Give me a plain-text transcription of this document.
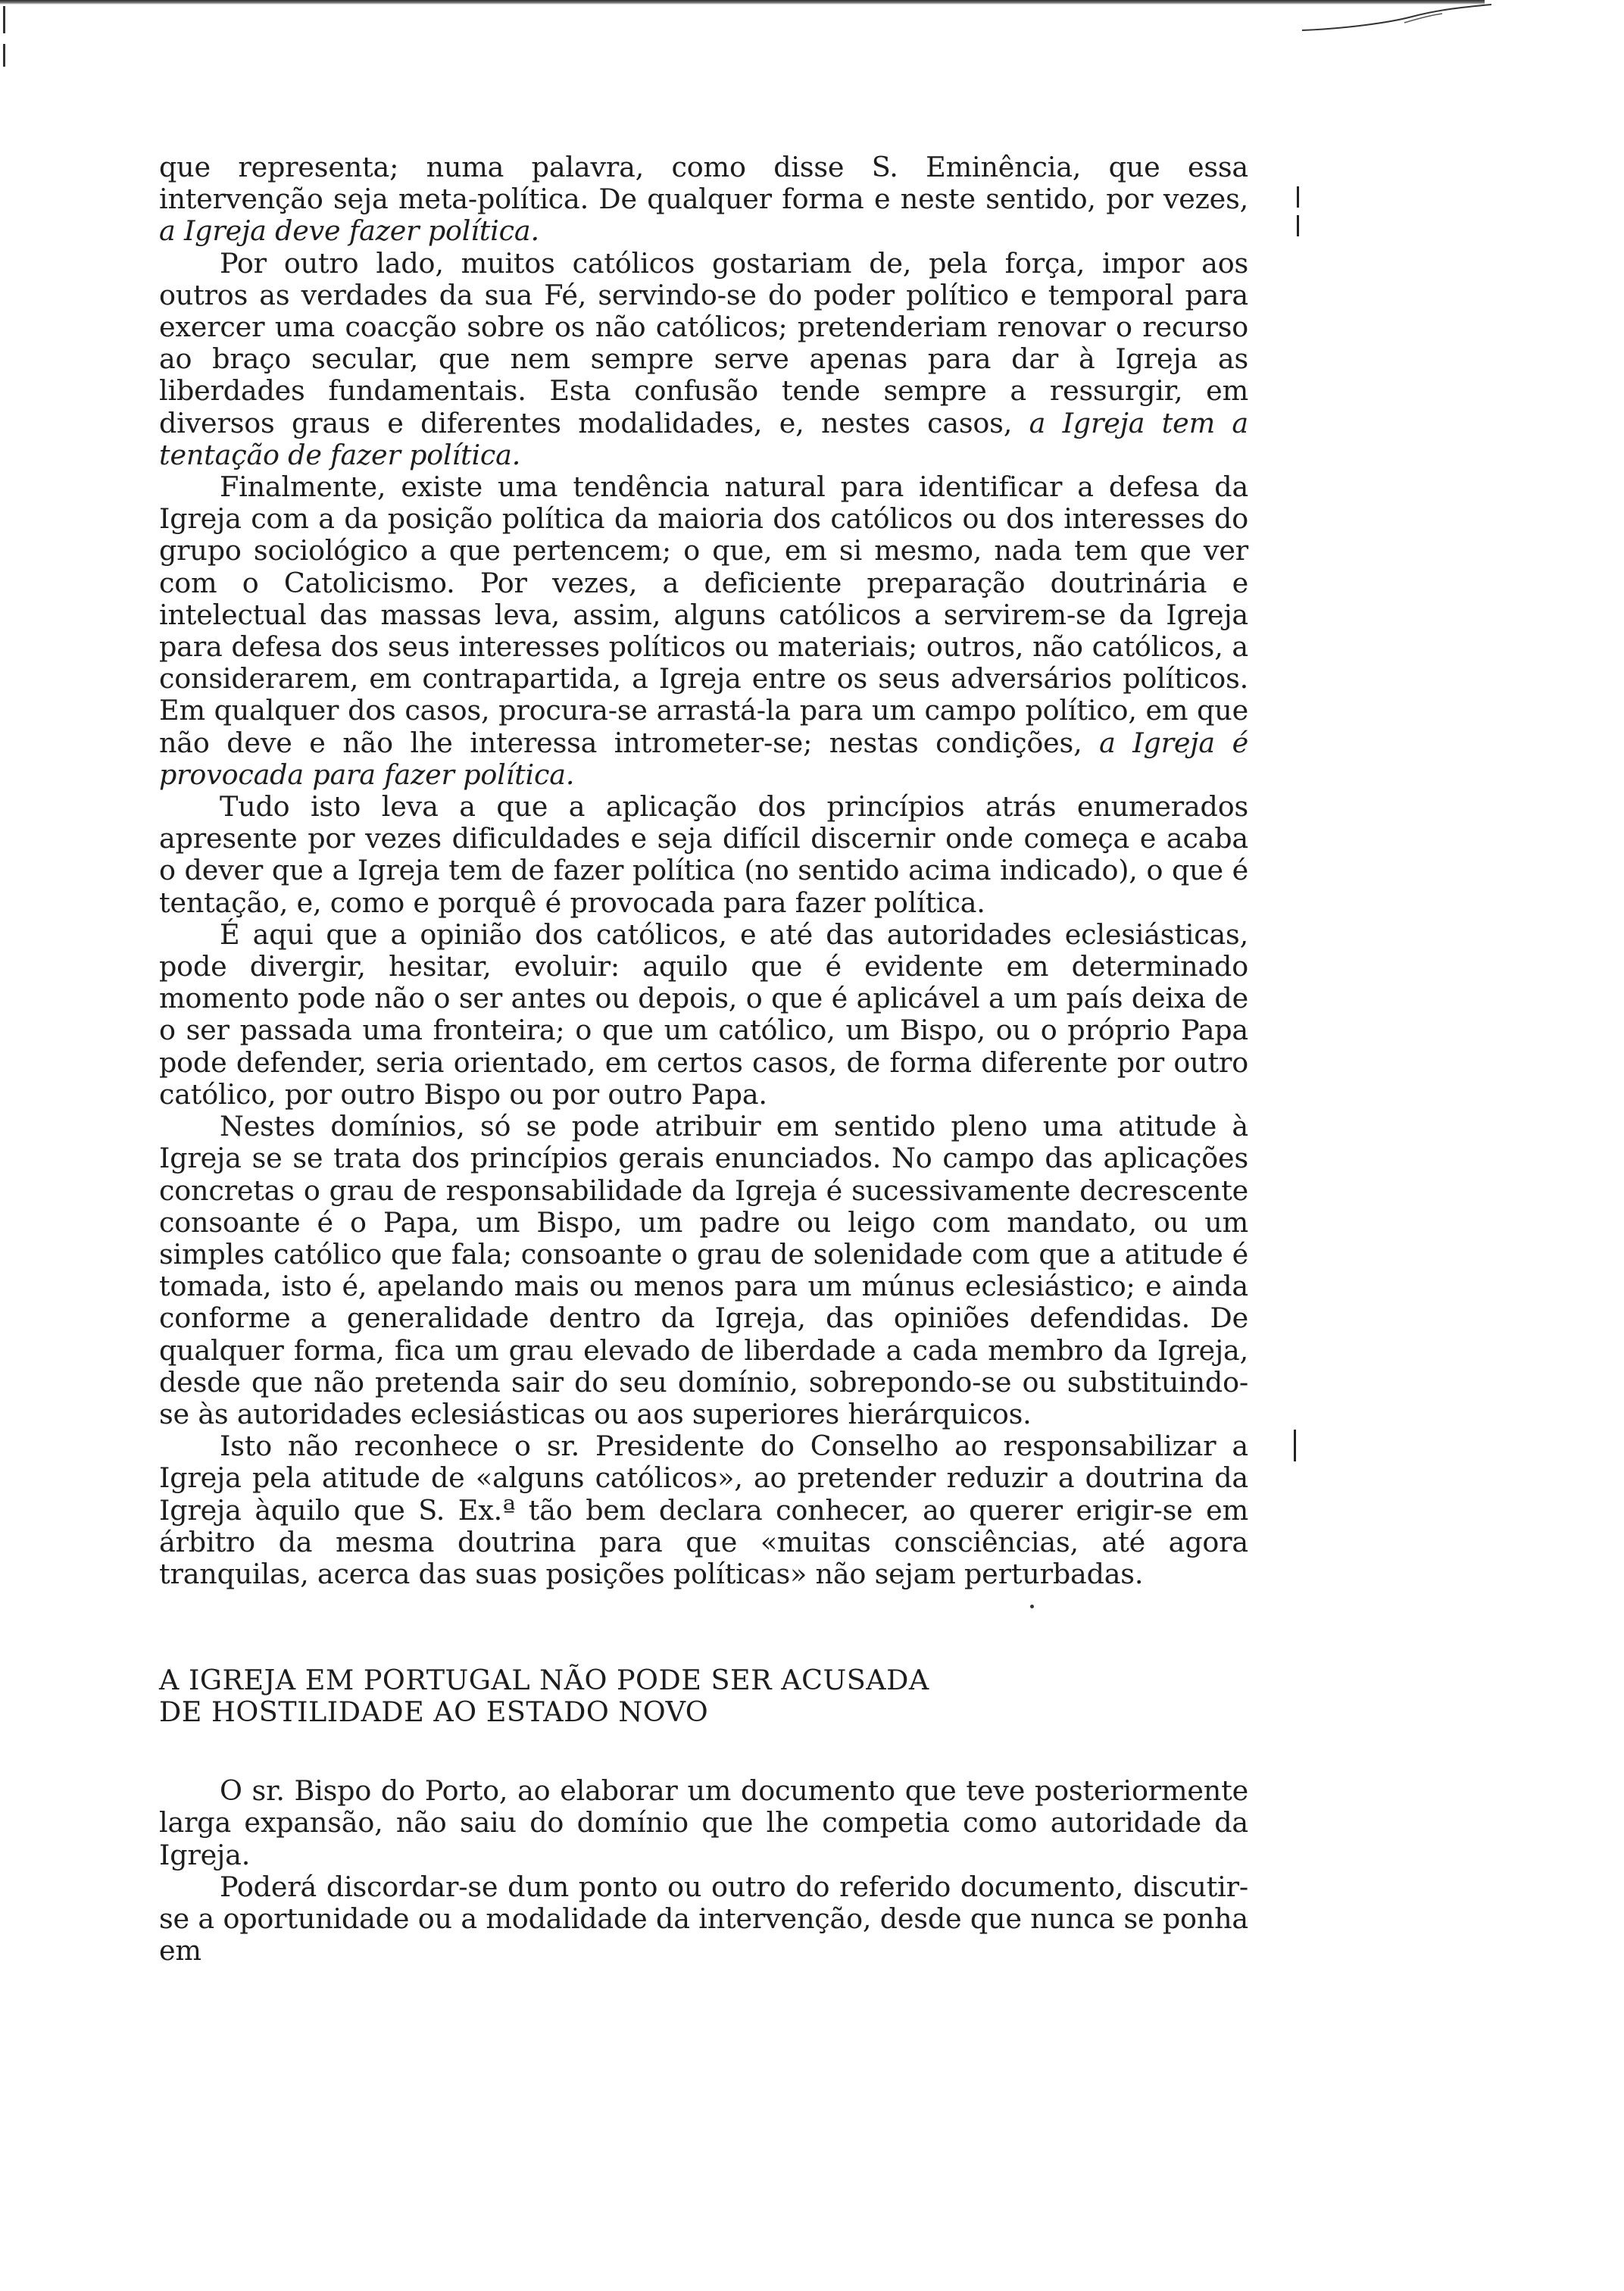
que representa; numa palavra, como disse S. Eminência, que essa intervenção seja meta-política. De qualquer forma e neste sentido, por vezes, a Igreja deve fazer política.

Por outro lado, muitos católicos gostariam de, pela força, impor aos outros as verdades da sua Fé, servindo-se do poder político e temporal para exercer uma coacção sobre os não católicos; pretenderiam renovar o recurso ao braço secular, que nem sempre serve apenas para dar à Igreja as liberdades fundamentais. Esta confusão tende sempre a ressurgir, em diversos graus e diferentes modalidades, e, nestes casos, a Igreja tem a tentação de fazer política.

Finalmente, existe uma tendência natural para identificar a defesa da Igreja com a da posição política da maioria dos católicos ou dos interesses do grupo sociológico a que pertencem; o que, em si mesmo, nada tem que ver com o Catolicismo. Por vezes, a deficiente preparação doutrinária e intelectual das massas leva, assim, alguns católicos a servirem-se da Igreja para defesa dos seus interesses políticos ou materiais; outros, não católicos, a considerarem, em contrapartida, a Igreja entre os seus adversários políticos. Em qualquer dos casos, procura-se arrastá-la para um campo político, em que não deve e não lhe interessa intrometer-se; nestas condições, a Igreja é provocada para fazer política.

Tudo isto leva a que a aplicação dos princípios atrás enumerados apresente por vezes dificuldades e seja difícil discernir onde começa e acaba o dever que a Igreja tem de fazer política (no sentido acima indicado), o que é tentação, e, como e porquê é provocada para fazer política.

É aqui que a opinião dos católicos, e até das autoridades eclesiásticas, pode divergir, hesitar, evoluir: aquilo que é evidente em determinado momento pode não o ser antes ou depois, o que é aplicável a um país deixa de o ser passada uma fronteira; o que um católico, um Bispo, ou o próprio Papa pode defender, seria orientado, em certos casos, de forma diferente por outro católico, por outro Bispo ou por outro Papa.

Nestes domínios, só se pode atribuir em sentido pleno uma atitude à Igreja se se trata dos princípios gerais enunciados. No campo das aplicações concretas o grau de responsabilidade da Igreja é sucessivamente decrescente consoante é o Papa, um Bispo, um padre ou leigo com mandato, ou um simples católico que fala; consoante o grau de solenidade com que a atitude é tomada, isto é, apelando mais ou menos para um múnus eclesiástico; e ainda conforme a generalidade dentro da Igreja, das opiniões defendidas. De qualquer forma, fica um grau elevado de liberdade a cada membro da Igreja, desde que não pretenda sair do seu domínio, sobrepondo-se ou substituindo-se às autoridades eclesiásticas ou aos superiores hierárquicos.

Isto não reconhece o sr. Presidente do Conselho ao responsabilizar a Igreja pela atitude de «alguns católicos», ao pretender reduzir a doutrina da Igreja àquilo que S. Ex.ª tão bem declara conhecer, ao querer erigir-se em árbitro da mesma doutrina para que «muitas consciências, até agora tranquilas, acerca das suas posições políticas» não sejam perturbadas.

A IGREJA EM PORTUGAL NÃO PODE SER ACUSADA
DE HOSTILIDADE AO ESTADO NOVO

O sr. Bispo do Porto, ao elaborar um documento que teve posteriormente larga expansão, não saiu do domínio que lhe competia como autoridade da Igreja.

Poderá discordar-se dum ponto ou outro do referido documento, discutir-se a oportunidade ou a modalidade da intervenção, desde que nunca se ponha em
